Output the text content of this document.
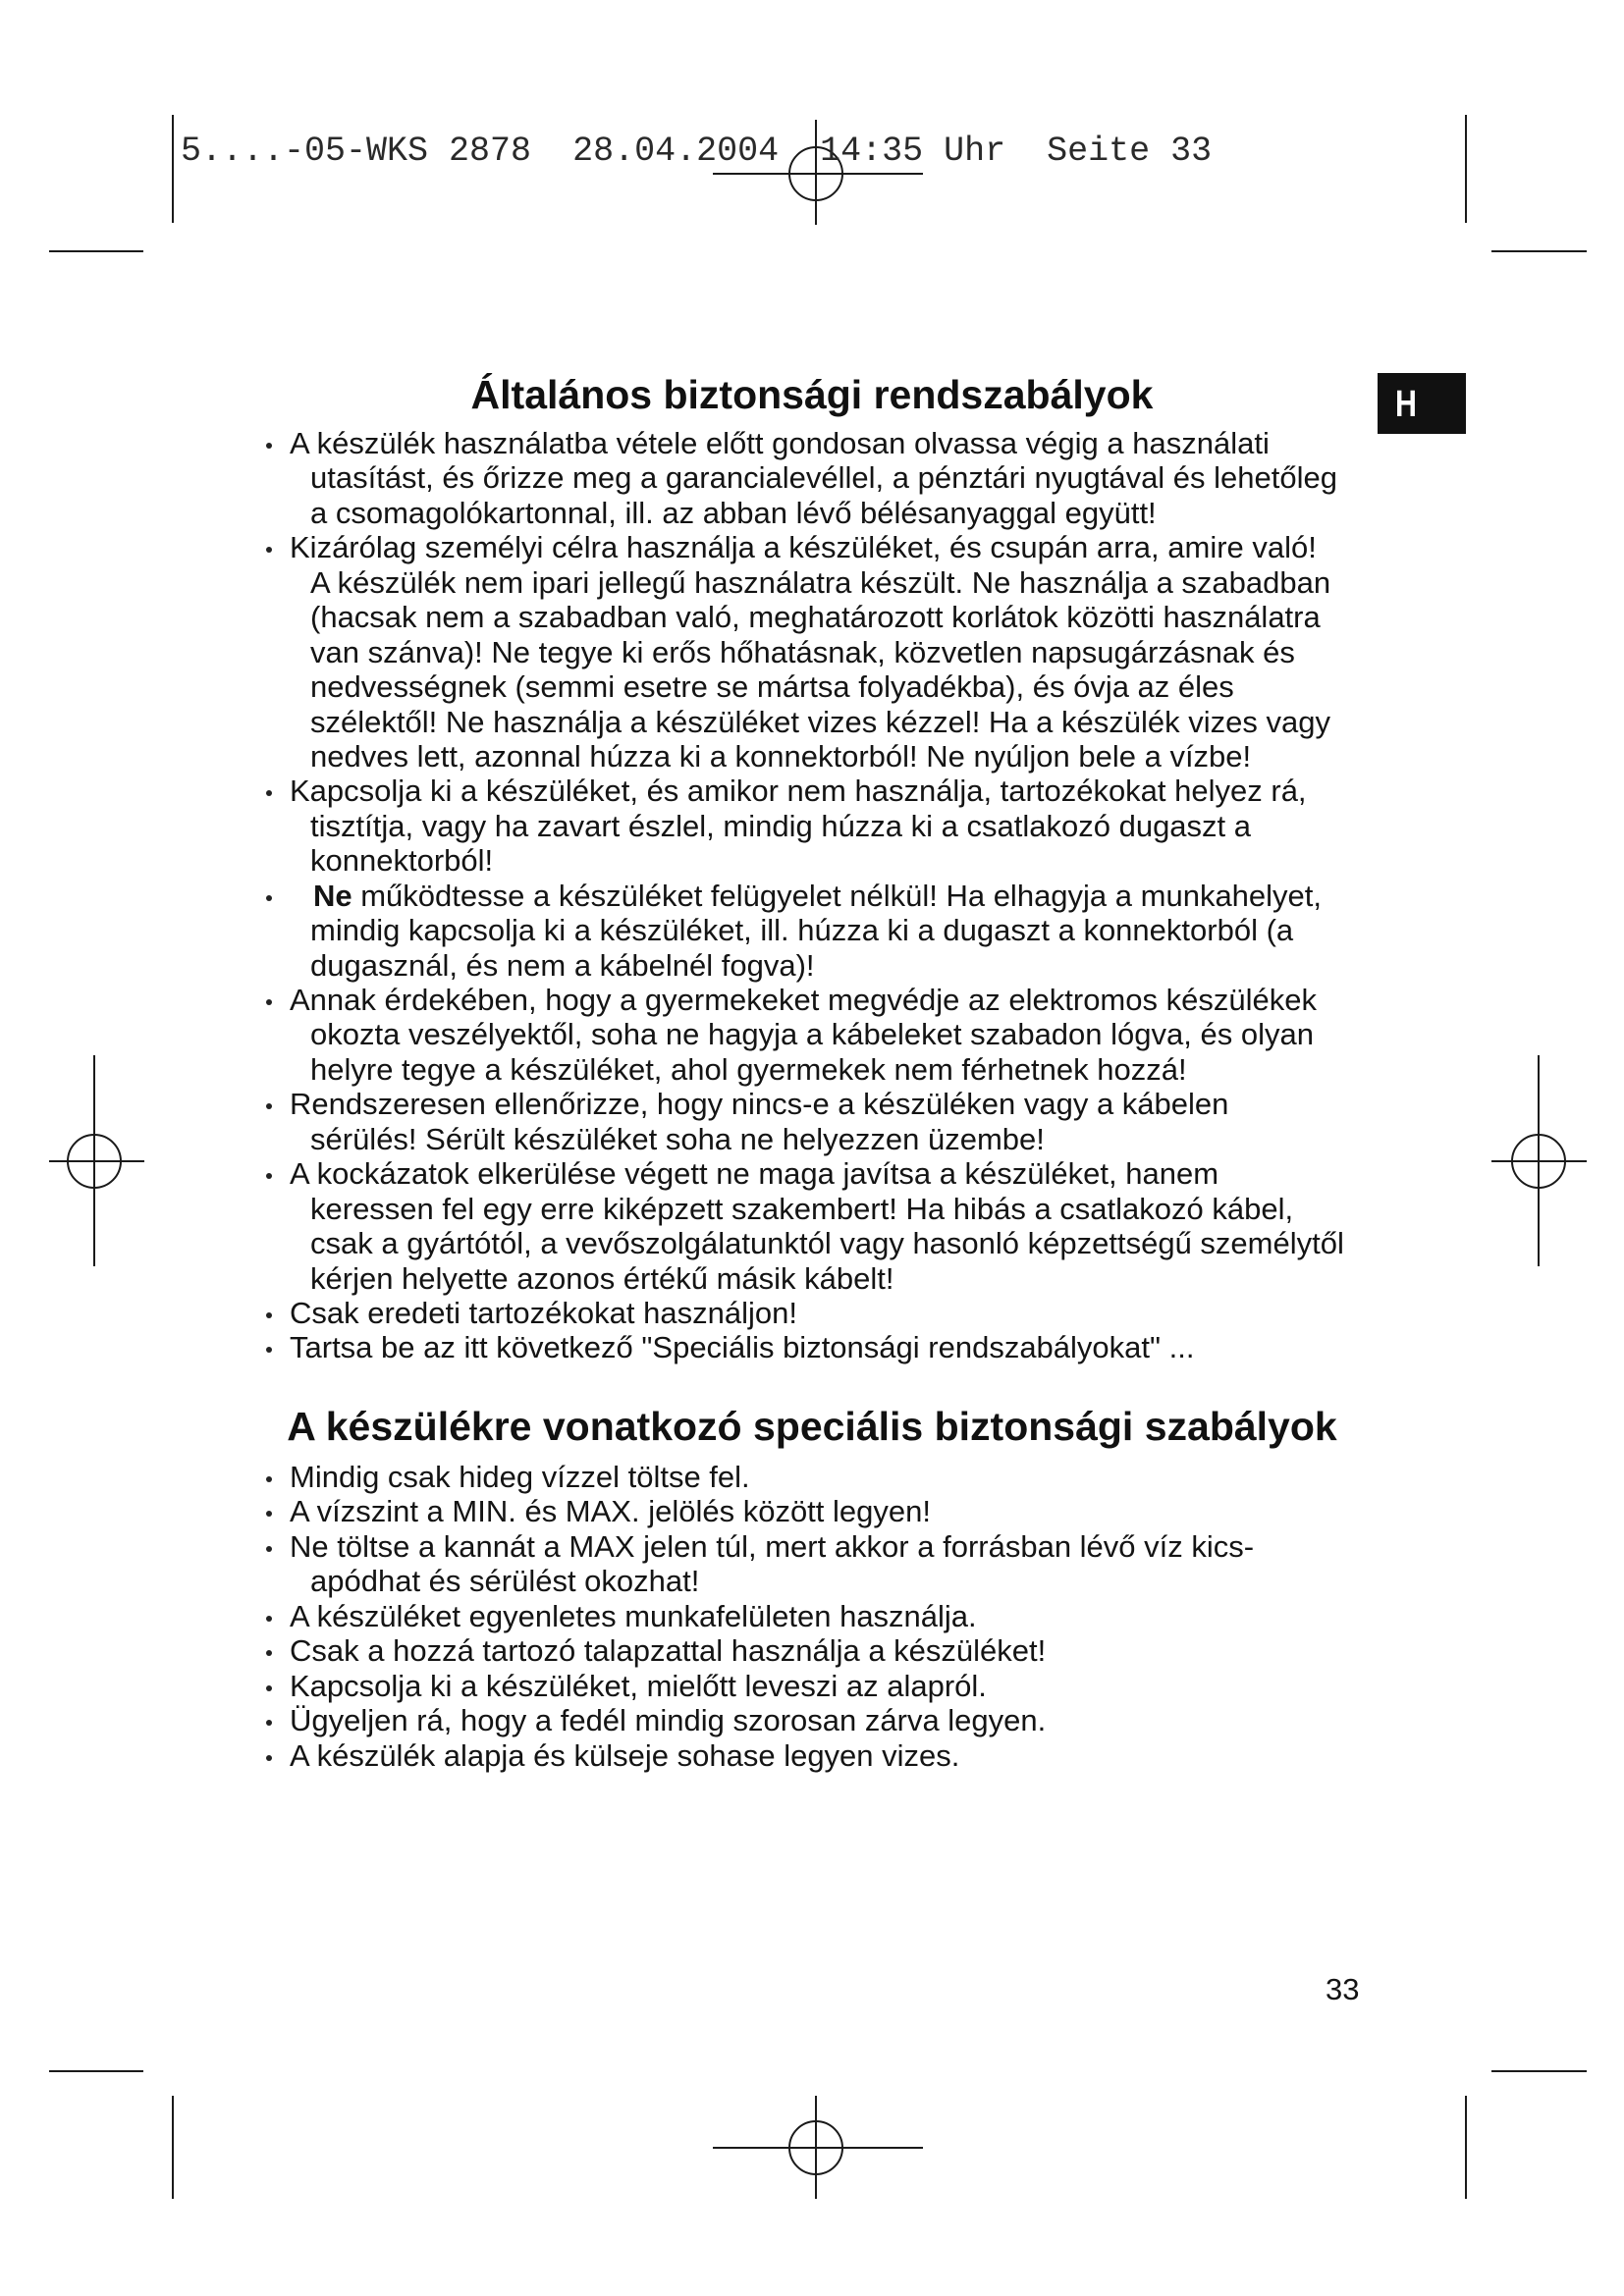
5....-05-WKS 2878  28.04.2004  14:35 Uhr  Seite 33
H
Általános biztonsági rendszabályok
A készülék használatba vétele előtt gondosan olvassa végig a használati
utasítást, és őrizze meg a garancialevéllel, a pénztári nyugtával és lehetőleg
a csomagolókartonnal, ill. az abban lévő bélésanyaggal együtt!
Kizárólag személyi célra használja a készüléket, és csupán arra, amire való!
A készülék nem ipari jellegű használatra készült. Ne használja a szabadban
(hacsak nem a szabadban való, meghatározott korlátok közötti használatra
van szánva)! Ne tegye ki erős hőhatásnak, közvetlen napsugárzásnak és
nedvességnek (semmi esetre se mártsa folyadékba), és óvja az éles
szélektől! Ne használja a készüléket vizes kézzel! Ha a készülék vizes vagy
nedves lett, azonnal húzza ki a konnektorból! Ne nyúljon bele a vízbe!
Kapcsolja ki a készüléket, és amikor nem használja, tartozékokat helyez rá,
tisztítja, vagy ha zavart észlel, mindig húzza ki a csatlakozó dugaszt a
konnektorból!
Ne működtesse a készüléket felügyelet nélkül! Ha elhagyja a munkahelyet,
mindig kapcsolja ki a készüléket, ill. húzza ki a dugaszt a konnektorból (a
dugasznál, és nem a kábelnél fogva)!
Annak érdekében, hogy a gyermekeket megvédje az elektromos készülékek
okozta veszélyektől, soha ne hagyja a kábeleket szabadon lógva, és olyan
helyre tegye a készüléket, ahol gyermekek nem férhetnek hozzá!
Rendszeresen ellenőrizze, hogy nincs-e a készüléken vagy a kábelen
sérülés! Sérült készüléket soha ne helyezzen üzembe!
A kockázatok elkerülése végett ne maga javítsa a készüléket, hanem
keressen fel egy erre kiképzett szakembert! Ha hibás a csatlakozó kábel,
csak a gyártótól, a vevőszolgálatunktól vagy hasonló képzettségű személytől
kérjen helyette azonos értékű másik kábelt!
Csak eredeti tartozékokat használjon!
Tartsa be az itt következő "Speciális biztonsági rendszabályokat" ...
A készülékre vonatkozó speciális biztonsági szabályok
Mindig csak hideg vízzel töltse fel.
A vízszint a MIN. és MAX. jelölés között legyen!
Ne töltse a kannát a MAX jelen túl, mert akkor a forrásban lévő víz kics-
apódhat és sérülést okozhat!
A készüléket egyenletes munkafelületen használja.
Csak a hozzá tartozó talapzattal használja a készüléket!
Kapcsolja ki a készüléket, mielőtt leveszi az alapról.
Ügyeljen rá, hogy a fedél mindig szorosan zárva legyen.
A készülék alapja és külseje sohase legyen vizes.
33
